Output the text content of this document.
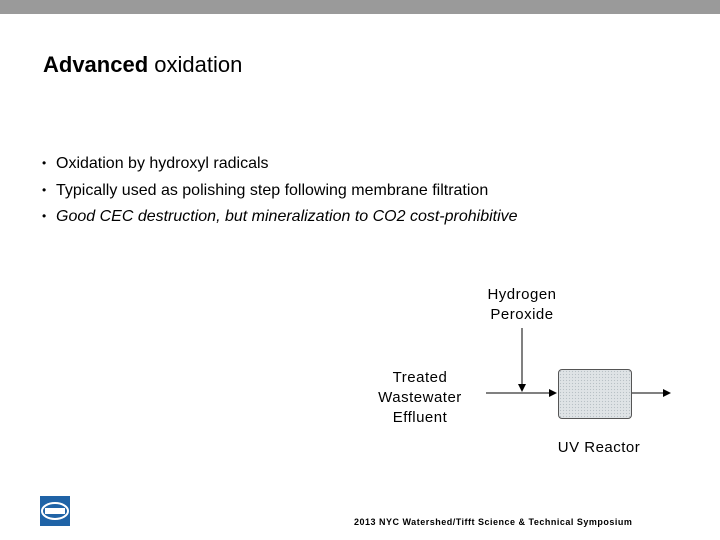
Advanced oxidation
• Oxidation by hydroxyl radicals
• Typically used as polishing step following membrane filtration
• Good CEC destruction, but mineralization to CO2 cost-prohibitive
Hydrogen
Peroxide
Treated
Wastewater
Effluent
UV Reactor
2013 NYC Watershed/Tifft Science & Technical Symposium
